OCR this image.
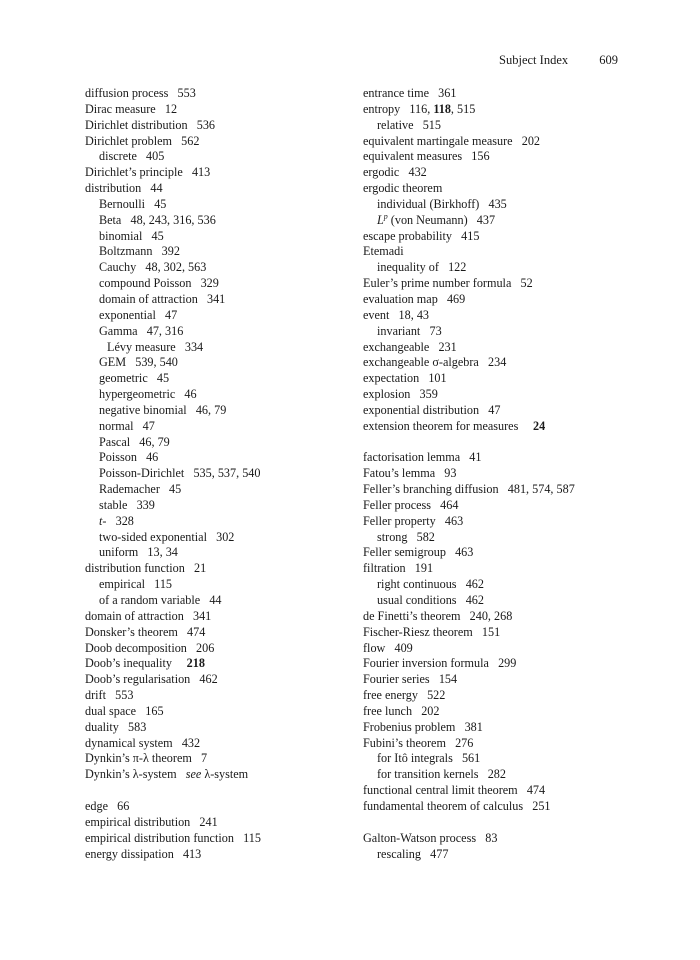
Subject Index 609
diffusion process 553
Dirac measure 12
Dirichlet distribution 536
Dirichlet problem 562
discrete 405
Dirichlet’s principle 413
distribution 44
Bernoulli 45
Beta 48, 243, 316, 536
binomial 45
Boltzmann 392
Cauchy 48, 302, 563
compound Poisson 329
domain of attraction 341
exponential 47
Gamma 47, 316
Lévy measure 334
GEM 539, 540
geometric 45
hypergeometric 46
negative binomial 46, 79
normal 47
Pascal 46, 79
Poisson 46
Poisson-Dirichlet 535, 537, 540
Rademacher 45
stable 339
t- 328
two-sided exponential 302
uniform 13, 34
distribution function 21
empirical 115
of a random variable 44
domain of attraction 341
Donsker’s theorem 474
Doob decomposition 206
Doob’s inequality 218
Doob’s regularisation 462
drift 553
dual space 165
duality 583
dynamical system 432
Dynkin’s π-λ theorem 7
Dynkin’s λ-system see λ-system
edge 66
empirical distribution 241
empirical distribution function 115
energy dissipation 413
entrance time 361
entropy 116, 118, 515
relative 515
equivalent martingale measure 202
equivalent measures 156
ergodic 432
ergodic theorem
individual (Birkhoff) 435
$L^p$ (von Neumann) 437
escape probability 415
Etemadi
inequality of 122
Euler’s prime number formula 52
evaluation map 469
event 18, 43
invariant 73
exchangeable 231
exchangeable σ-algebra 234
expectation 101
explosion 359
exponential distribution 47
extension theorem for measures 24
factorisation lemma 41
Fatou’s lemma 93
Feller’s branching diffusion 481, 574, 587
Feller process 464
Feller property 463
strong 582
Feller semigroup 463
filtration 191
right continuous 462
usual conditions 462
de Finetti’s theorem 240, 268
Fischer-Riesz theorem 151
flow 409
Fourier inversion formula 299
Fourier series 154
free energy 522
free lunch 202
Frobenius problem 381
Fubini’s theorem 276
for Itô integrals 561
for transition kernels 282
functional central limit theorem 474
fundamental theorem of calculus 251
Galton-Watson process 83
rescaling 477
